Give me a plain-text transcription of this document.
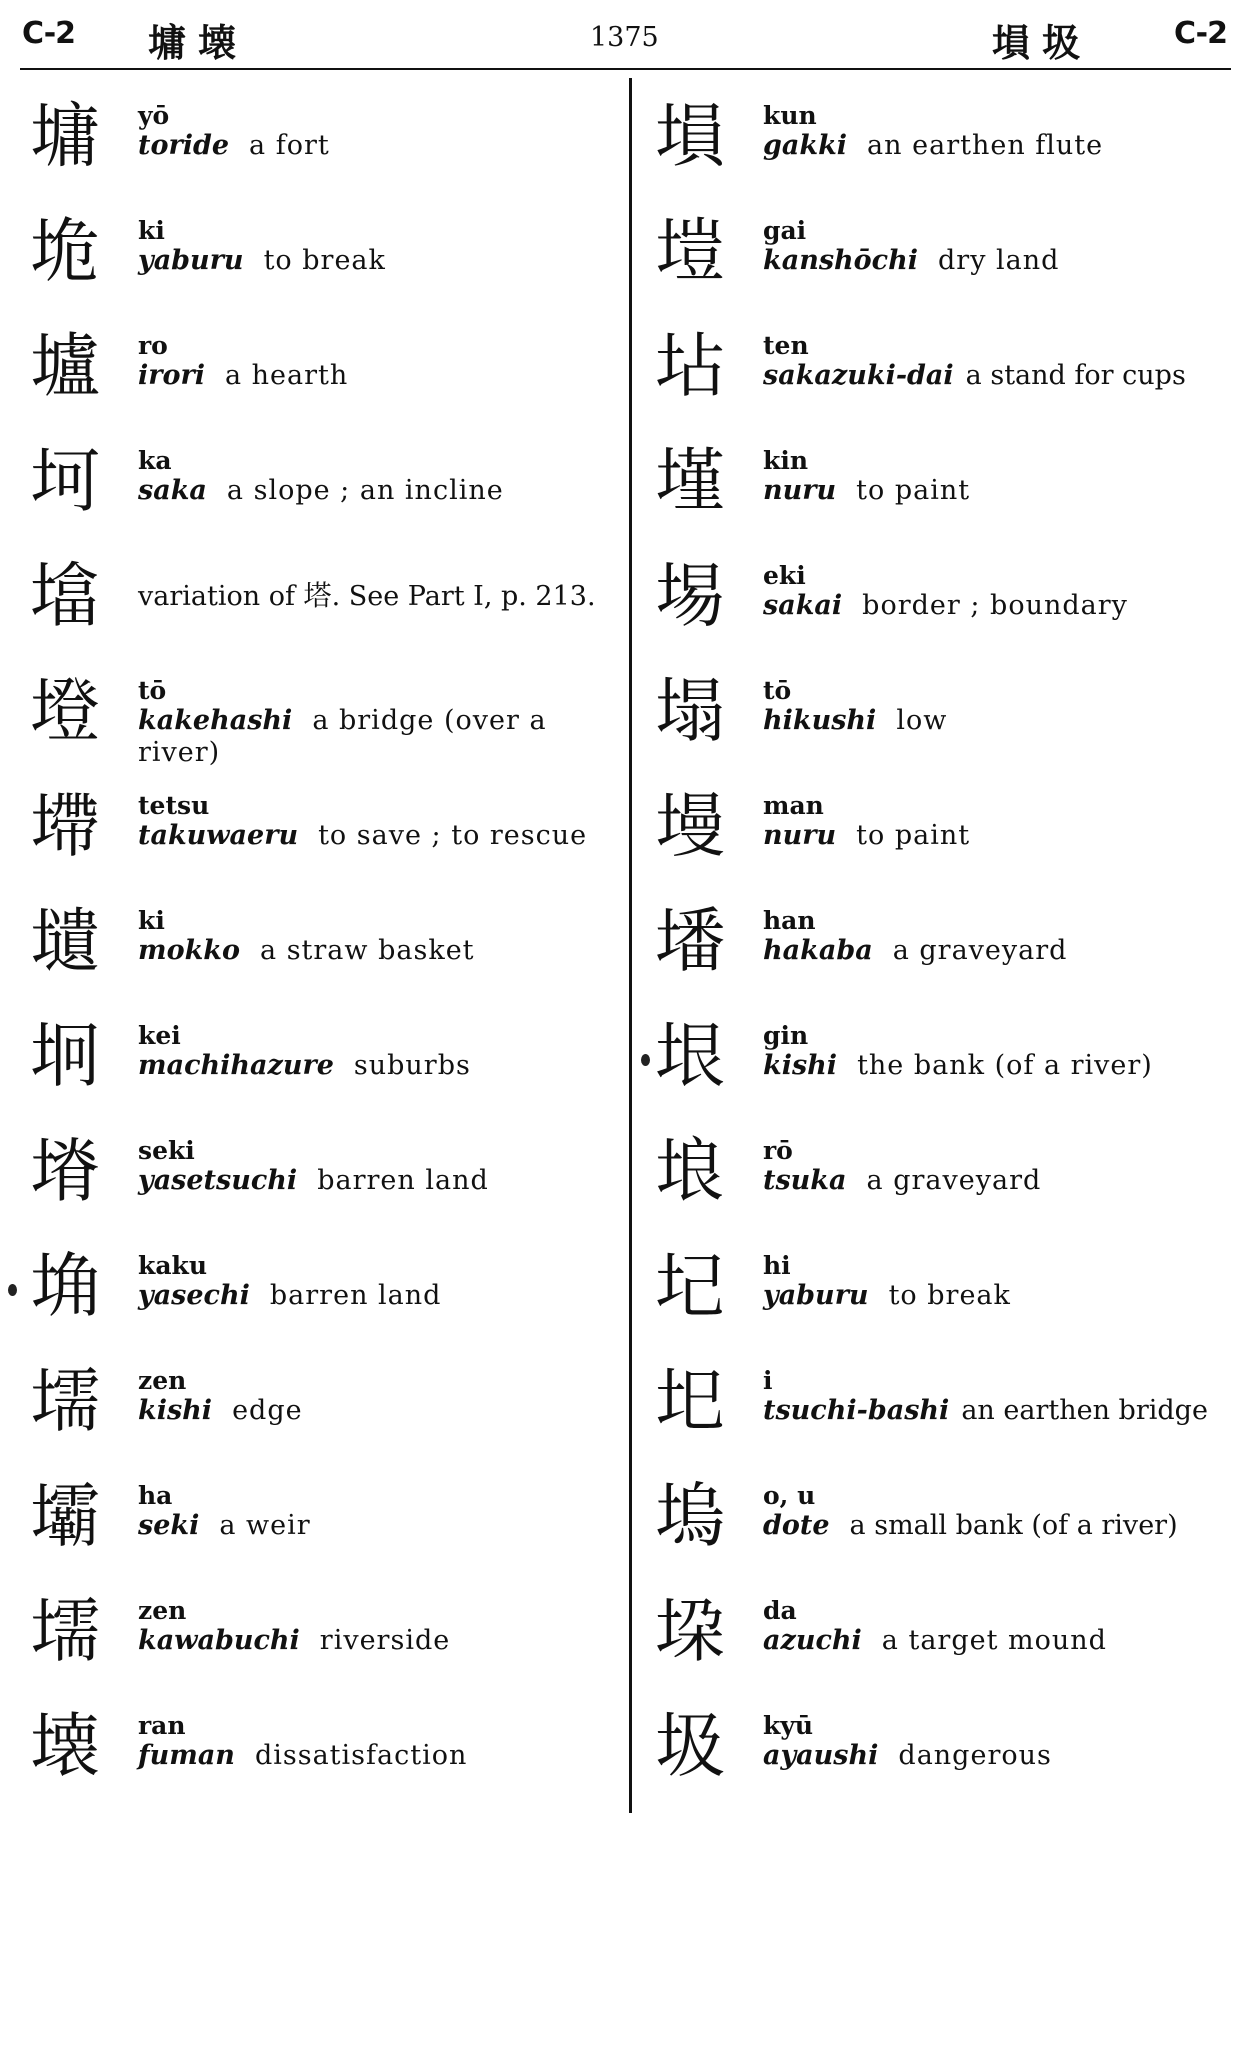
C-2 墉壊	1375	塤圾	C-2
墉	yō
toride a fort
垝	ki
yaburu to break
壚	ro
irori a hearth
坷	ka
saka a slope ; an incline
墖	variation of 塔. See Part I, p. 213.
墱	tō
kakehashi a bridge (over a river)
墆	tetsu
takuwaeru to save ; to rescue
壝	ki
mokko a straw basket
坰	kei
machihazure suburbs
塉	seki
yasetsuchi barren land
埆	kaku
yasechi barren land
壖	zen
kishi edge
壩	ha
seki a weir
壖	zen
kawabuchi riverside
壊	ran
fuman dissatisfaction
塤	kun
gakki an earthen flute
塏	gai
kanshōchi dry land
坫	ten
sakazuki-dai a stand for cups
墐	kin
nuru to paint
埸	eki
sakai border ; boundary
塌	tō
hikushi low
墁	man
nuru to paint
墦	han
hakaba a graveyard
垠	gin
kishi the bank (of a river)
埌	rō
tsuka a graveyard
圮	hi
yaburu to break
圯	i
tsuchi-bashi an earthen bridge
塢	o, u
dote a small bank (of a river)
垜	da
azuchi a target mound
圾	kyū
ayaushi dangerous
